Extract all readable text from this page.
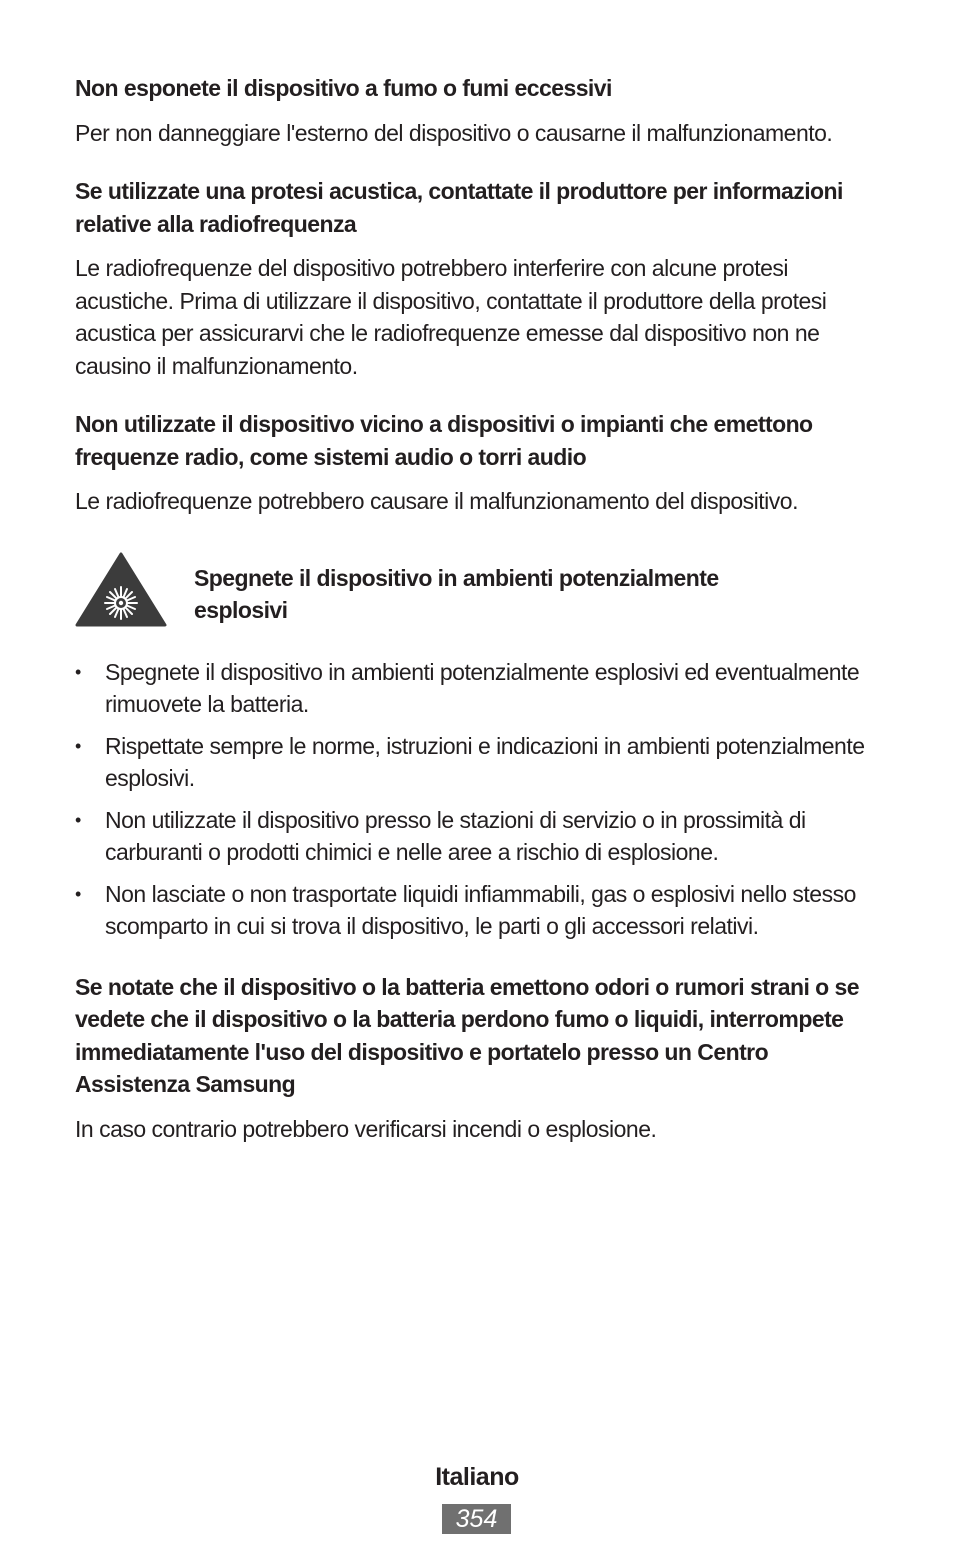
Non esponete il dispositivo a fumo o fumi eccessivi

Per non danneggiare l'esterno del dispositivo o causarne il malfunzionamento.

Se utilizzate una protesi acustica, contattate il produttore per informazioni relative alla radiofrequenza

Le radiofrequenze del dispositivo potrebbero interferire con alcune protesi acustiche. Prima di utilizzare il dispositivo, contattate il produttore della protesi acustica per assicurarvi che le radiofrequenze emesse dal dispositivo non ne causino il malfunzionamento.

Non utilizzate il dispositivo vicino a dispositivi o impianti che emettono frequenze radio, come sistemi audio o torri audio

Le radiofrequenze potrebbero causare il malfunzionamento del dispositivo.

Spegnete il dispositivo in ambienti potenzialmente esplosivi

• Spegnete il dispositivo in ambienti potenzialmente esplosivi ed eventualmente rimuovete la batteria.
• Rispettate sempre le norme, istruzioni e indicazioni in ambienti potenzialmente esplosivi.
• Non utilizzate il dispositivo presso le stazioni di servizio o in prossimità di carburanti o prodotti chimici e nelle aree a rischio di esplosione.
• Non lasciate o non trasportate liquidi infiammabili, gas o esplosivi nello stesso scomparto in cui si trova il dispositivo, le parti o gli accessori relativi.

Se notate che il dispositivo o la batteria emettono odori o rumori strani o se vedete che il dispositivo o la batteria perdono fumo o liquidi, interrompete immediatamente l'uso del dispositivo e portatelo presso un Centro Assistenza Samsung

In caso contrario potrebbero verificarsi incendi o esplosione.

Italiano
354
